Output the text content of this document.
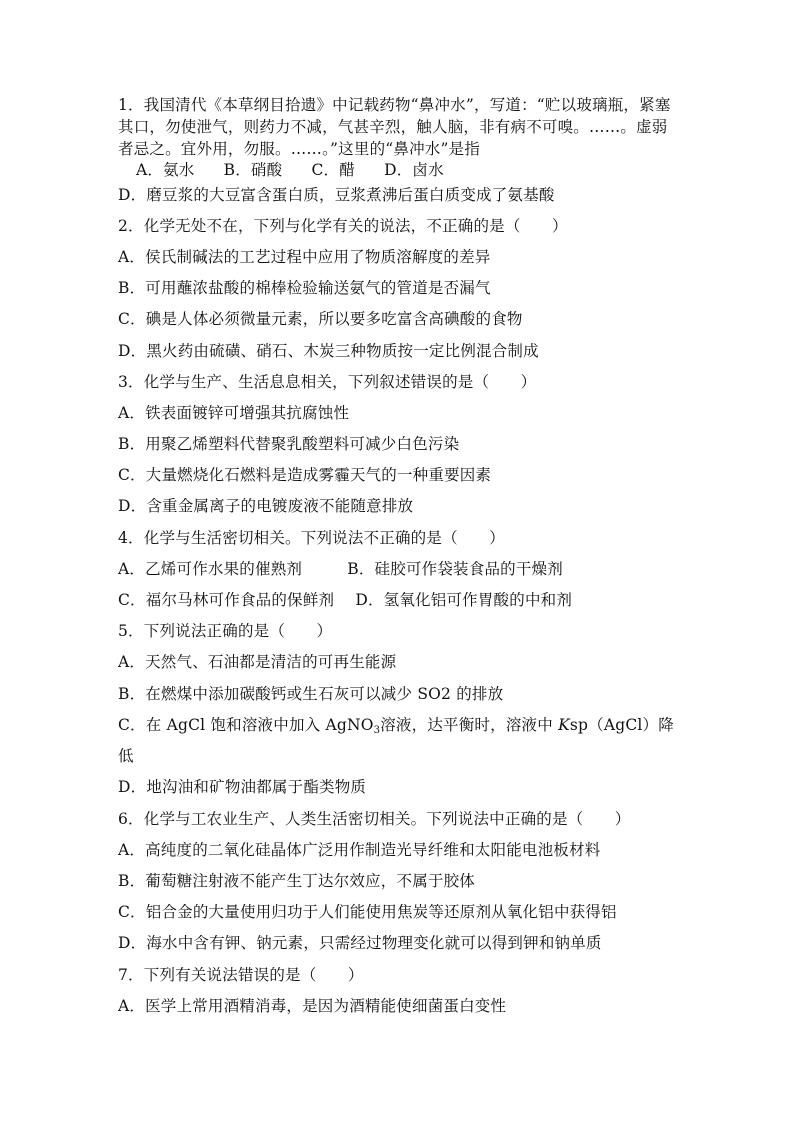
1．我国清代《本草纲目拾遗》中记载药物“鼻冲水”，写道：“贮以玻璃瓶，紧塞
其口，勿使泄气，则药力不减，气甚辛烈，触人脑，非有病不可嗅。……。虚弱
者忌之。宜外用，勿服。……。”这里的“鼻冲水”是指
A．氨水 B．硝酸 C．醋 D．卤水
D．磨豆浆的大豆富含蛋白质，豆浆煮沸后蛋白质变成了氨基酸
2．化学无处不在，下列与化学有关的说法，不正确的是（　　）
A．侯氏制碱法的工艺过程中应用了物质溶解度的差异
B．可用蘸浓盐酸的棉棒检验输送氨气的管道是否漏气
C．碘是人体必须微量元素，所以要多吃富含高碘酸的食物
D．黑火药由硫磺、硝石、木炭三种物质按一定比例混合制成
3．化学与生产、生活息息相关，下列叙述错误的是（　　）
A．铁表面镀锌可增强其抗腐蚀性
B．用聚乙烯塑料代替聚乳酸塑料可减少白色污染
C．大量燃烧化石燃料是造成雾霾天气的一种重要因素
D．含重金属离子的电镀废液不能随意排放
4．化学与生活密切相关。下列说法不正确的是（　　）
A．乙烯可作水果的催熟剂	B．硅胶可作袋装食品的干燥剂
C．福尔马林可作食品的保鲜剂 D．氢氧化铝可作胃酸的中和剂
5．下列说法正确的是（　　）
A．天然气、石油都是清洁的可再生能源
B．在燃煤中添加碳酸钙或生石灰可以减少 SO2 的排放
C．在 AgCl 饱和溶液中加入 AgNO$_3$溶液，达平衡时，溶液中 Ksp（AgCl）降
低
D．地沟油和矿物油都属于酯类物质
6．化学与工农业生产、人类生活密切相关。下列说法中正确的是（　　）
A．高纯度的二氧化硅晶体广泛用作制造光导纤维和太阳能电池板材料
B．葡萄糖注射液不能产生丁达尔效应，不属于胶体
C．铝合金的大量使用归功于人们能使用焦炭等还原剂从氧化铝中获得铝
D．海水中含有钾、钠元素，只需经过物理变化就可以得到钾和钠单质
7．下列有关说法错误的是（　　）
A．医学上常用酒精消毒，是因为酒精能使细菌蛋白变性
